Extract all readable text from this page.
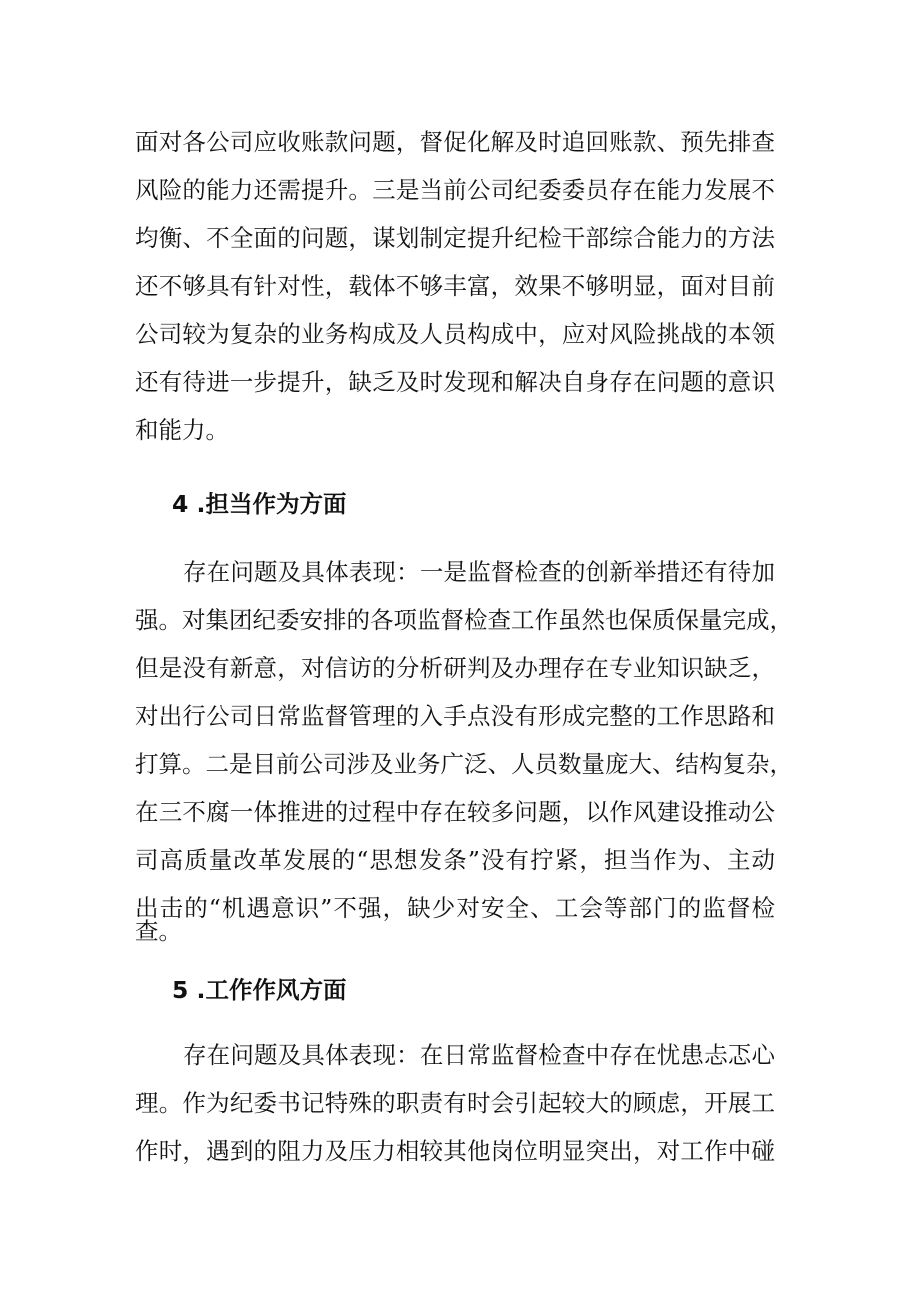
面对各公司应收账款问题，督促化解及时追回账款、预先排查
风险的能力还需提升。三是当前公司纪委委员存在能力发展不
均衡、不全面的问题，谋划制定提升纪检干部综合能力的方法
还不够具有针对性，载体不够丰富，效果不够明显，面对目前
公司较为复杂的业务构成及人员构成中，应对风险挑战的本领
还有待进一步提升，缺乏及时发现和解决自身存在问题的意识
和能力。
4 .担当作为方面
存在问题及具体表现：一是监督检查的创新举措还有待加
强。对集团纪委安排的各项监督检查工作虽然也保质保量完成，
但是没有新意，对信访的分析研判及办理存在专业知识缺乏，
对出行公司日常监督管理的入手点没有形成完整的工作思路和
打算。二是目前公司涉及业务广泛、人员数量庞大、结构复杂，
在三不腐一体推进的过程中存在较多问题，以作风建设推动公
司高质量改革发展的“思想发条”没有拧紧，担当作为、主动
出击的“机遇意识”不强，缺少对安全、工会等部门的监督检
查。
5 .工作作风方面
存在问题及具体表现：在日常监督检查中存在忧患忐忑心
理。作为纪委书记特殊的职责有时会引起较大的顾虑，开展工
作时，遇到的阻力及压力相较其他岗位明显突出，对工作中碰
